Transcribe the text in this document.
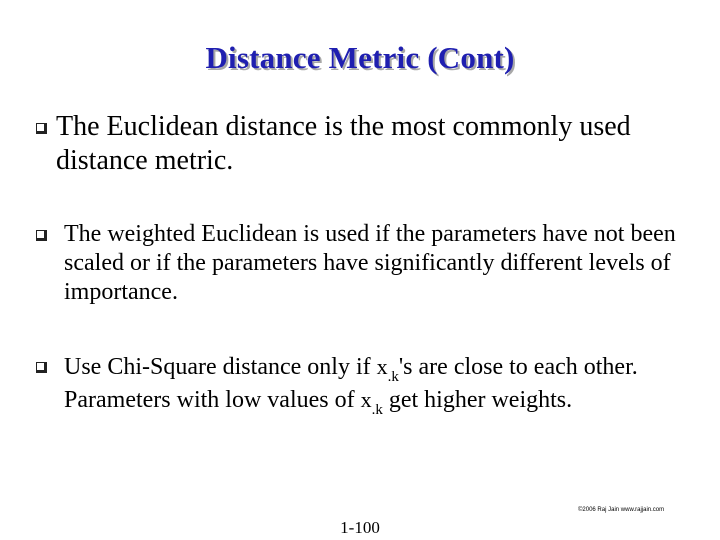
Distance Metric (Cont)
The Euclidean distance is the most commonly used distance metric.
The weighted Euclidean is used if the parameters have not been scaled or if the parameters have significantly different levels of importance.
Use Chi-Square distance only if $x_{.k}'s$ are close to each other. Parameters with low values of $x_{.k}$ get higher weights.
©2006 Raj Jain www.rajjain.com
1-100
